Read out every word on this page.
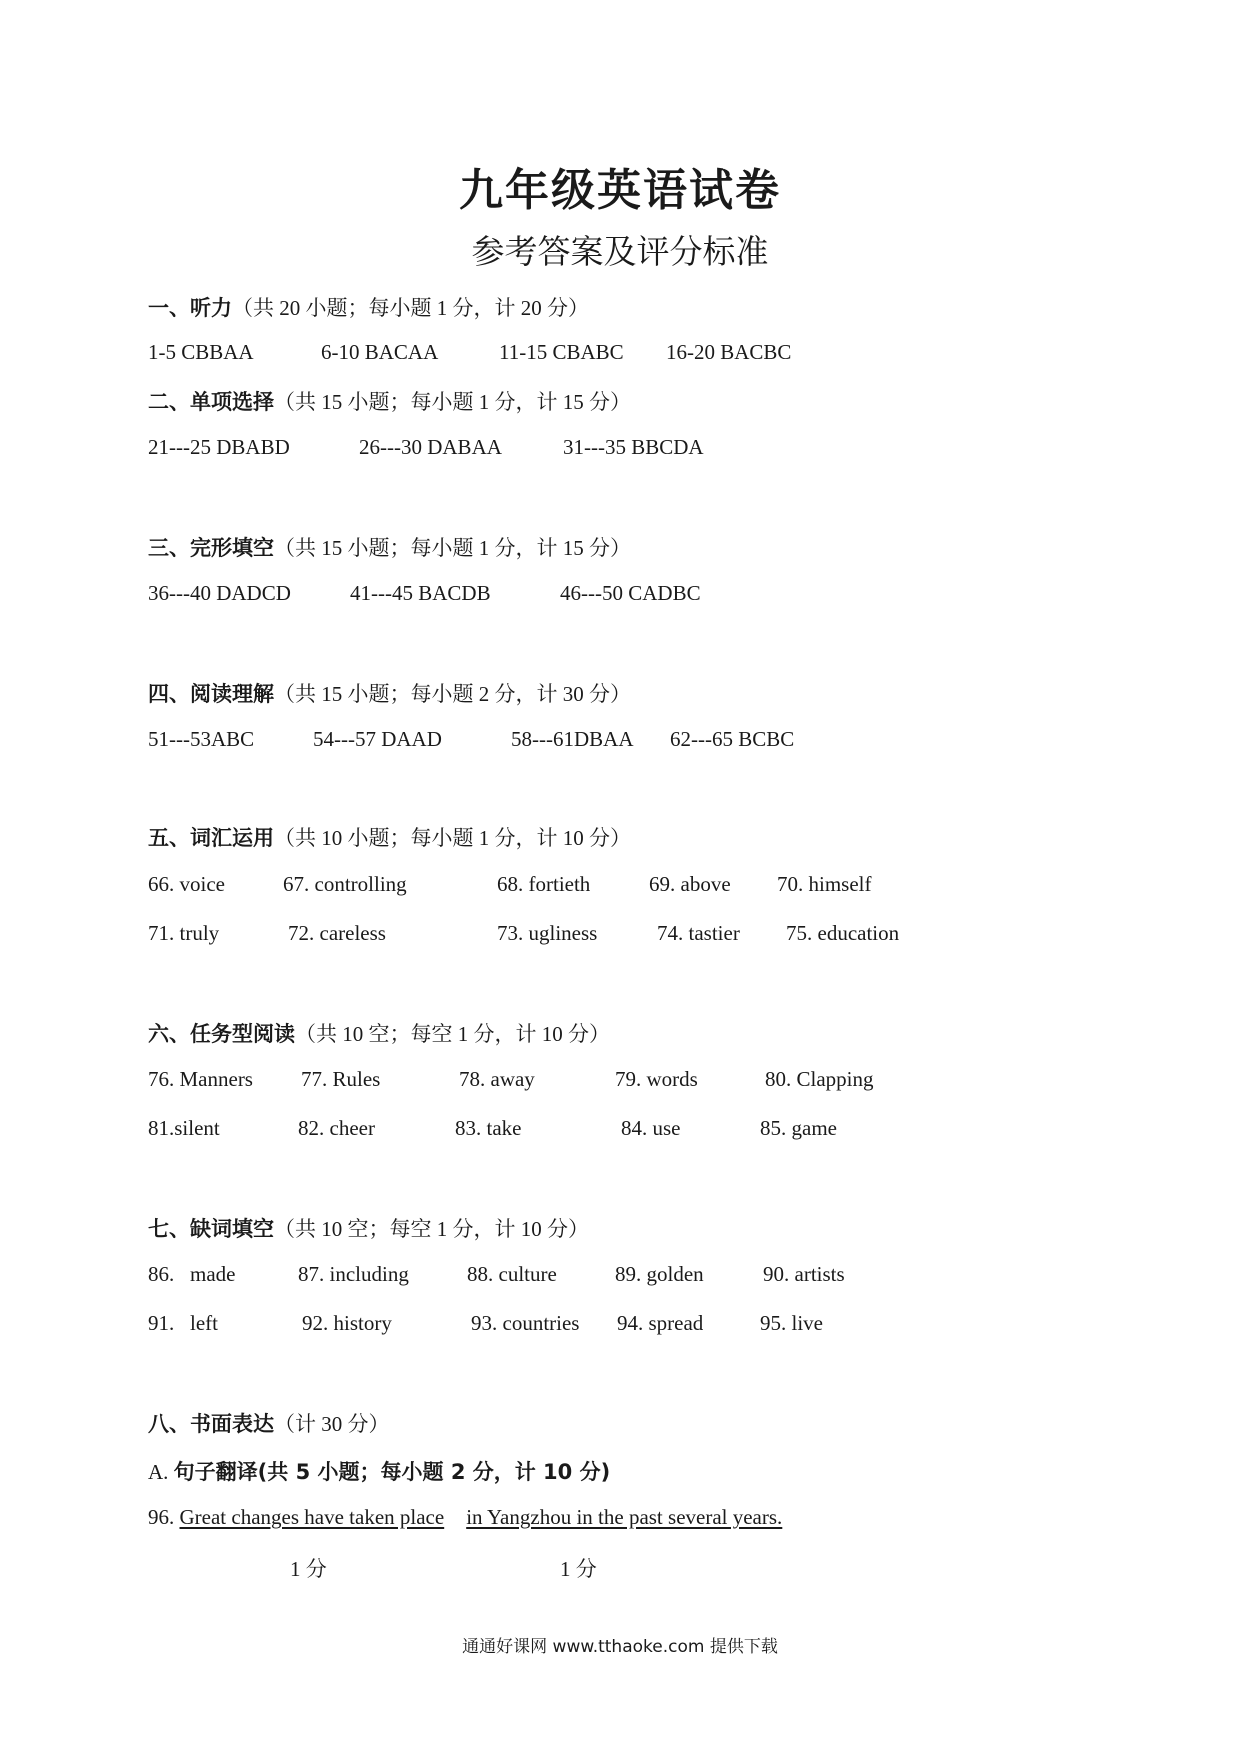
九年级英语试卷
参考答案及评分标准
一、听力（共 20 小题；每小题 1 分，计 20 分）
1-5 CBBAA	6-10 BACAA	11-15 CBABC 16-20 BACBC
二、单项选择（共 15 小题；每小题 1 分，计 15 分）
21---25 DBABD	26---30 DABAA	31---35 BBCDA
三、完形填空（共 15 小题；每小题 1 分，计 15 分）
36---40 DADCD	41---45 BACDB	46---50 CADBC
四、阅读理解（共 15 小题；每小题 2 分，计 30 分）
51---53ABC	54---57 DAAD	58---61DBAA 62---65 BCBC
五、词汇运用（共 10 小题；每小题 1 分，计 10 分）
66. voice	67. controlling	68. fortieth	69. above 70. himself
71. truly	72. careless	73. ugliness	74. tastier 75. education
六、任务型阅读（共 10 空；每空 1 分，计 10 分）
76. Manners 77. Rules	78. away	79. words	80. Clapping
81.silent	82. cheer	83. take	84. use	85. game
七、缺词填空（共 10 空；每空 1 分，计 10 分）
86.   made	87. including	88. culture	89. golden	90. artists
91.   left	92. history	93. countries 94. spread	95. live
八、书面表达（计 30 分）
A. 句子翻译(共 5 小题；每小题 2 分，计 10 分)
96. Great changes have taken place in Yangzhou in the past several years.
1 分	1 分
通通好课网 www.tthaoke.com 提供下载
